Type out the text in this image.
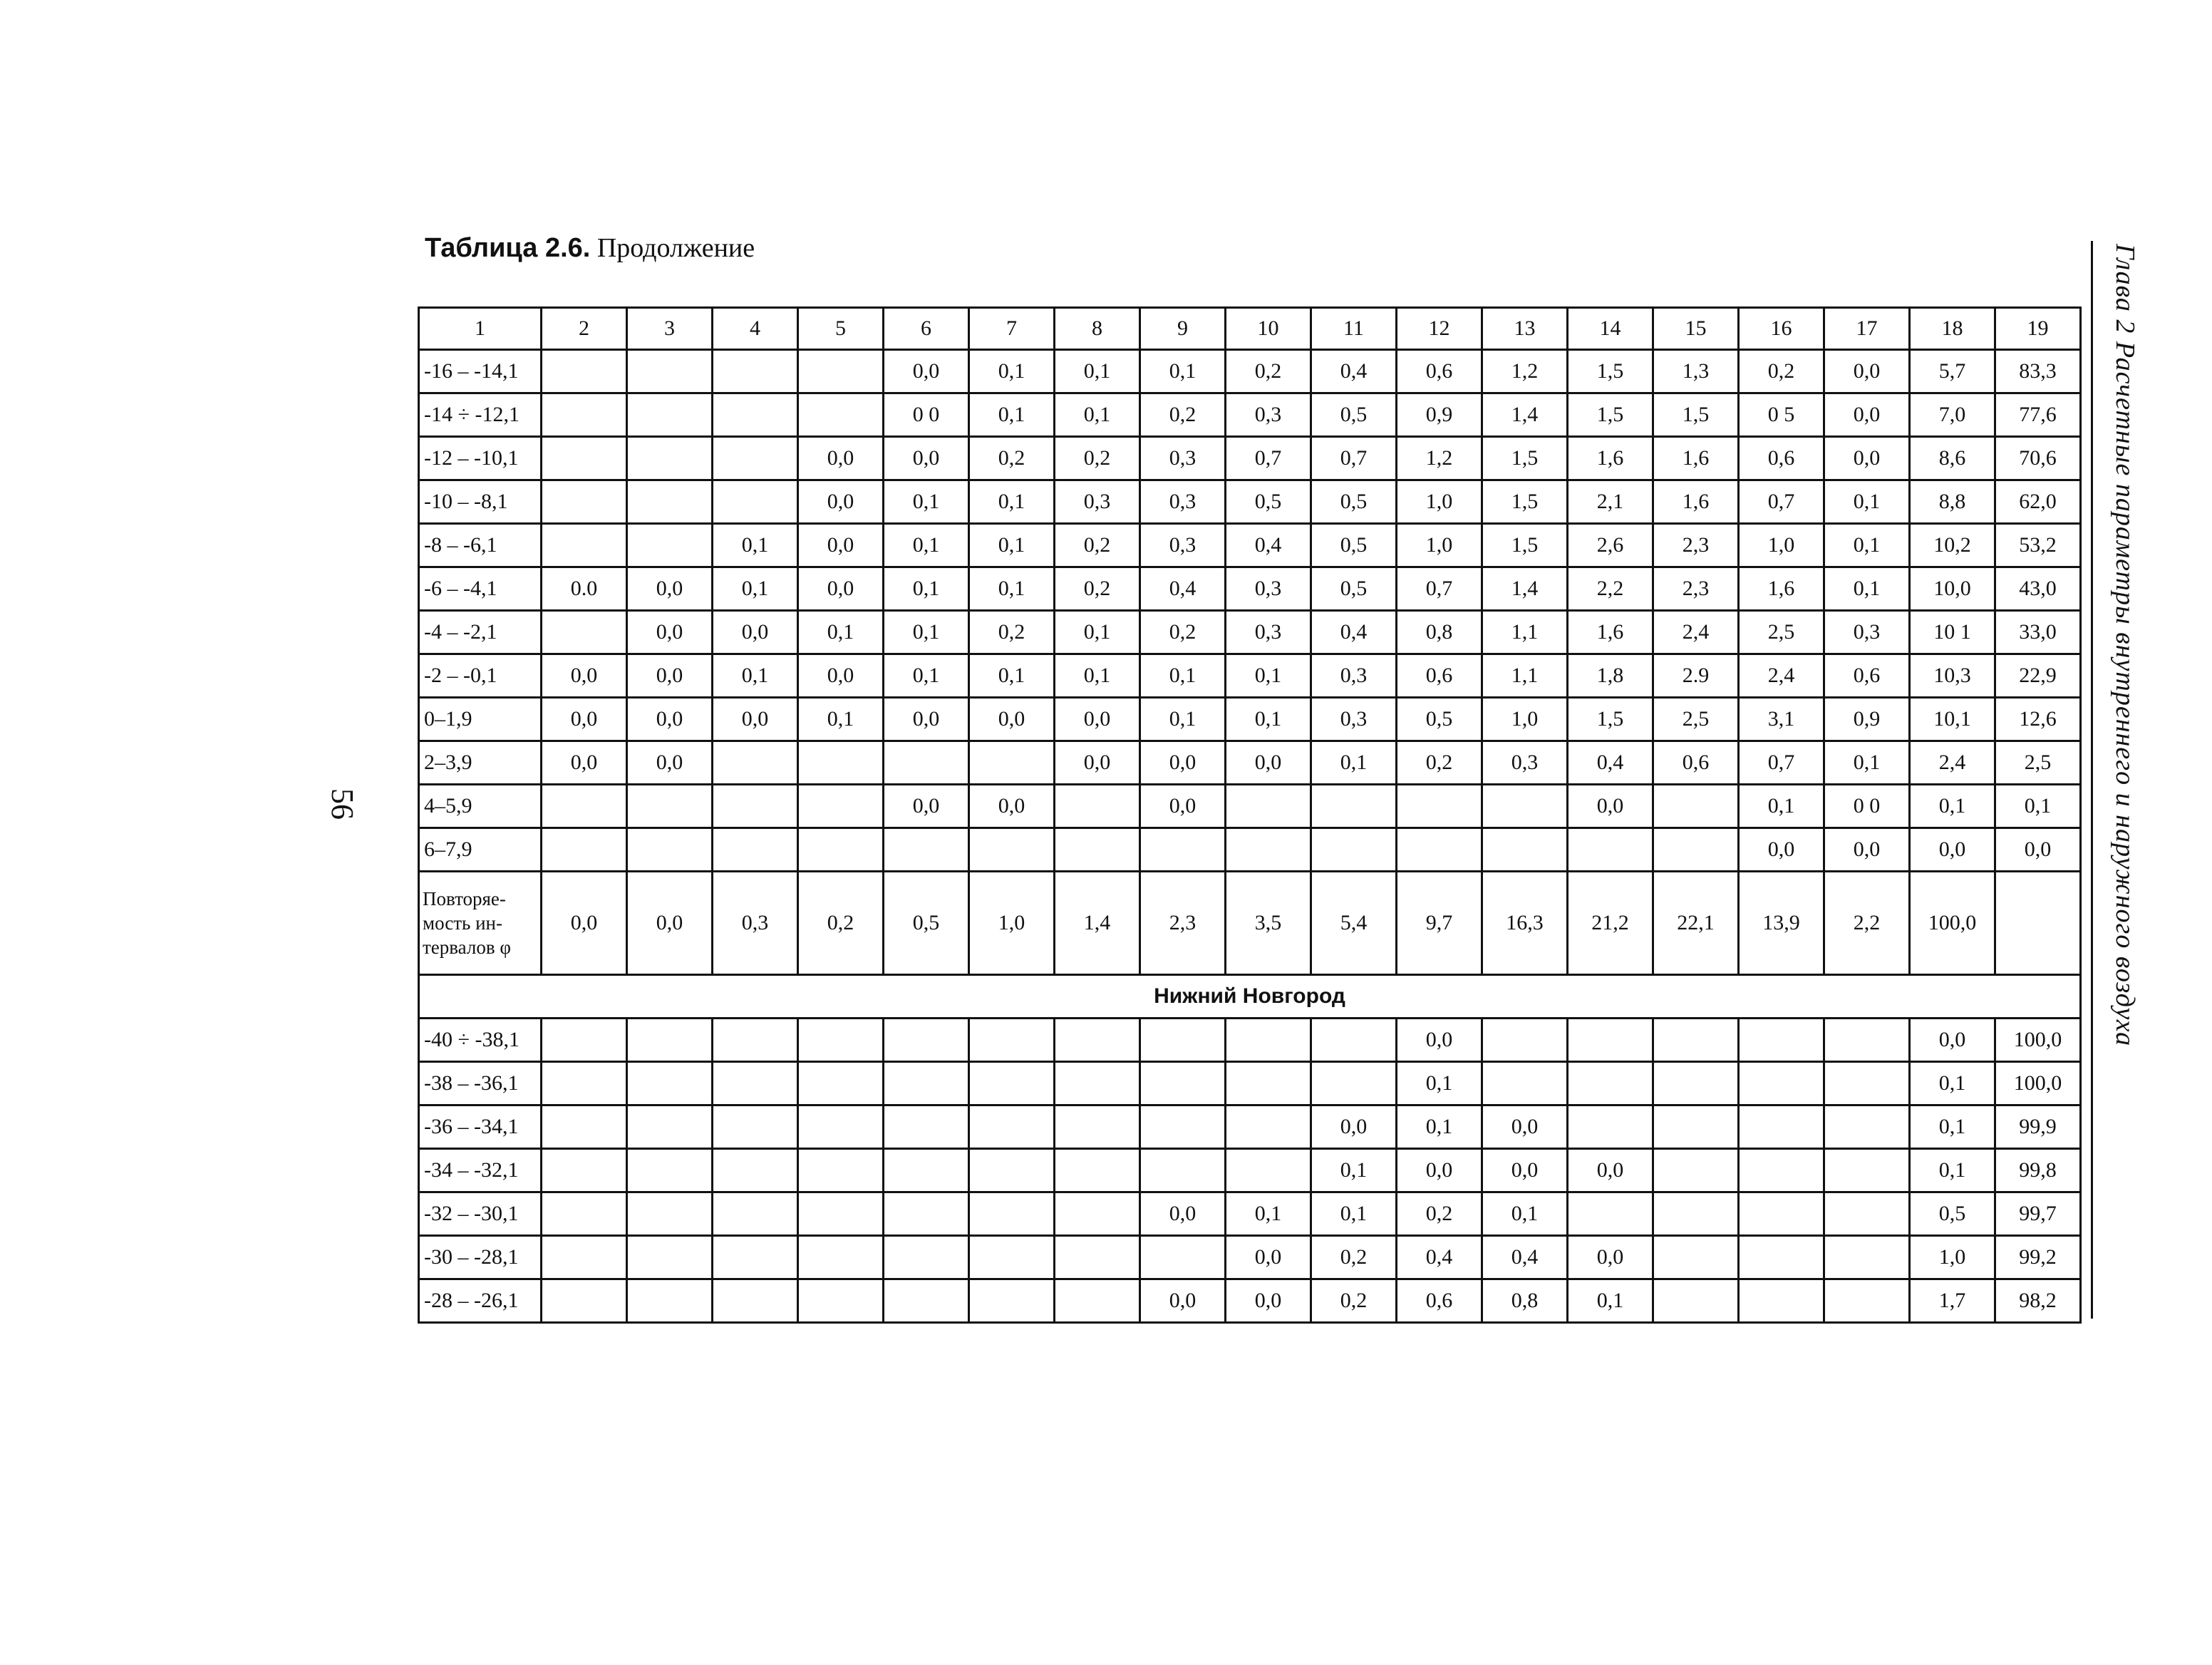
Таблица 2.6. Продолжение
56	Глава 2 Расчетные параметры внутреннего и наружного воздуха
1	2	3	4	5	6	7	8	9	10	11	12	13	14	15	16	17	18	19
-16 – -14,1					0,0	0,1	0,1	0,1	0,2	0,4	0,6	1,2	1,5	1,3	0,2	0,0	5,7	83,3
-14 ÷ -12,1					0 0	0,1	0,1	0,2	0,3	0,5	0,9	1,4	1,5	1,5	0 5	0,0	7,0	77,6
-12 – -10,1				0,0	0,0	0,2	0,2	0,3	0,7	0,7	1,2	1,5	1,6	1,6	0,6	0,0	8,6	70,6
-10 – -8,1				0,0	0,1	0,1	0,3	0,3	0,5	0,5	1,0	1,5	2,1	1,6	0,7	0,1	8,8	62,0
-8 – -6,1			0,1	0,0	0,1	0,1	0,2	0,3	0,4	0,5	1,0	1,5	2,6	2,3	1,0	0,1	10,2	53,2
-6 – -4,1	0.0	0,0	0,1	0,0	0,1	0,1	0,2	0,4	0,3	0,5	0,7	1,4	2,2	2,3	1,6	0,1	10,0	43,0
-4 – -2,1		0,0	0,0	0,1	0,1	0,2	0,1	0,2	0,3	0,4	0,8	1,1	1,6	2,4	2,5	0,3	10 1	33,0
-2 – -0,1	0,0	0,0	0,1	0,0	0,1	0,1	0,1	0,1	0,1	0,3	0,6	1,1	1,8	2.9	2,4	0,6	10,3	22,9
0–1,9	0,0	0,0	0,0	0,1	0,0	0,0	0,0	0,1	0,1	0,3	0,5	1,0	1,5	2,5	3,1	0,9	10,1	12,6
2–3,9	0,0	0,0					0,0	0,0	0,0	0,1	0,2	0,3	0,4	0,6	0,7	0,1	2,4	2,5
4–5,9					0,0	0,0		0,0					0,0		0,1	0 0	0,1	0,1
6–7,9															0,0	0,0	0,0	0,0
Повторяе-мость ин-тервалов φ	0,0	0,0	0,3	0,2	0,5	1,0	1,4	2,3	3,5	5,4	9,7	16,3	21,2	22,1	13,9	2,2	100,0	
Нижний Новгород																		
-40 ÷ -38,1											0,0						0,0	100,0
-38 – -36,1											0,1						0,1	100,0
-36 – -34,1										0,0	0,1	0,0					0,1	99,9
-34 – -32,1										0,1	0,0	0,0	0,0				0,1	99,8
-32 – -30,1								0,0	0,1	0,1	0,2	0,1					0,5	99,7
-30 – -28,1									0,0	0,2	0,4	0,4	0,0				1,0	99,2
-28 – -26,1								0,0	0,0	0,2	0,6	0,8	0,1				1,7	98,2
